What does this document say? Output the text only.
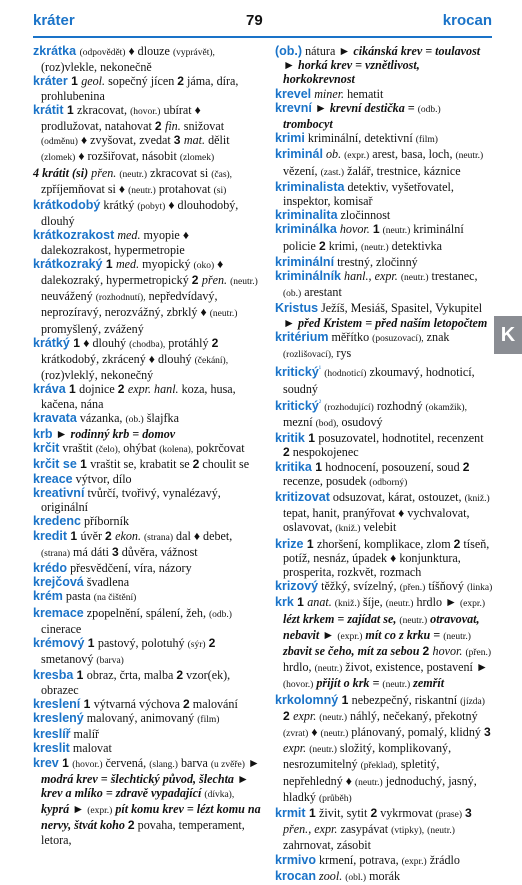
kráter	79	krocan
zkrátka (odpovědět) ♦ dlouze (vyprávět), (roz)vlekle, nekonečně
kráter 1 geol. sopečný jícen 2 jáma, díra, prohlubenina
krátit 1 zkracovat, (hovor.) ubírat ♦ prodlužovat, natahovat 2 fin. snižovat (odměnu) ♦ zvyšovat, zvedat 3 mat. dělit (zlomek) ♦ rozšiřovat, násobit (zlomek)
4 krátit (si) přen. (neutr.) zkracovat si (čas), zpříjemňovat si ♦ (neutr.) protahovat (si)
krátkodobý krátký (pobyt) ♦ dlouhodobý, dlouhý
krátkozrakost med. myopie ♦ dalekozrakost, hypermetropie
krátkozraký 1 med. myopický (oko) ♦ dalekozraký, hypermetropický 2 přen. (neutr.) neuvážený (rozhodnutí), nepředvídavý, neprozíravý, nerozvážný, zbrklý ♦ (neutr.) promyšlený, zvážený
krátký 1 ♦ dlouhý (chodba), protáhlý 2 krátkodobý, zkrácený ♦ dlouhý (čekání), (roz)vleklý, nekonečný
kráva 1 dojnice 2 expr. hanl. koza, husa, kačena, nána
kravata vázanka, (ob.) šlajfka
krb ► rodinný krb = domov
krčit vraštit (čelo), ohýbat (kolena), pokrčovat
krčit se 1 vraštit se, krabatit se 2 choulit se
kreace výtvor, dílo
kreativní tvůrčí, tvořivý, vynalézavý, originální
kredenc příborník
kredit 1 úvěr 2 ekon. (strana) dal ♦ debet, (strana) má dáti 3 důvěra, vážnost
krédo přesvědčení, víra, názory
krejčová švadlena
krém pasta (na čištění)
kremace zpopelnění, spálení, žeh, (odb.) cinerace
krémový 1 pastový, polotuhý (sýr) 2 smetanový (barva)
kresba 1 obraz, črta, malba 2 vzor(ek), obrazec
kreslení 1 výtvarná výchova 2 malování
kreslený malovaný, animovaný (film)
kreslíř malíř
kreslit malovat
krev 1 (hovor.) červená, (slang.) barva (u zvěře) ► modrá krev = šlechtický původ, šlechta ► krev a mlíko = zdravě vypadající (dívka), kyprá ► (expr.) pít komu krev = lézt komu na nervy, štvát koho 2 povaha, temperament, letora,
(ob.) nátura ► cikánská krev = toulavost ► horká krev = vznětlivost, horkokrevnost
krevel miner. hematit
krevní ► krevní destička = (odb.) trombocyt
krimi kriminální, detektivní (film)
kriminál ob. (expr.) arest, basa, loch, (neutr.) vězení, (zast.) žalář, trestnice, káznice
kriminalista detektiv, vyšetřovatel, inspektor, komisař
kriminalita zločinnost
kriminálka hovor. 1 (neutr.) kriminální policie 2 krimi, (neutr.) detektivka
kriminální trestný, zločinný
kriminálník hanl., expr. (neutr.) trestanec, (ob.) arestant
Kristus Ježíš, Mesiáš, Spasitel, Vykupitel ► před Kristem = před naším letopočtem
kritérium měřítko (posuzovací), znak (rozlišovací), rys
kritický$^{^1}$ (hodnoticí) zkoumavý, hodnoticí, soudný
kritický$^{^2}$ (rozhodující) rozhodný (okamžik), mezní (bod), osudový
kritik 1 posuzovatel, hodnotitel, recenzent 2 nespokojenec
kritika 1 hodnocení, posouzení, soud 2 recenze, posudek (odborný)
kritizovat odsuzovat, kárat, ostouzet, (kniž.) tepat, hanit, pranýřovat ♦ vychvalovat, oslavovat, (kniž.) velebit
krize 1 zhoršení, komplikace, zlom 2 tíseň, potíž, nesnáz, úpadek ♦ konjunktura, prosperita, rozkvět, rozmach
krizový těžký, svízelný, (přen.) tíšňový (linka)
krk 1 anat. (kniž.) šíje, (neutr.) hrdlo ► (expr.) lézt krkem = zajídat se, (neutr.) otravovat, nebavit ► (expr.) mít co z krku = (neutr.) zbavit se čeho, mít za sebou 2 hovor. (přen.) hrdlo, (neutr.) život, existence, postavení ► (hovor.) přijít o krk = (neutr.) zemřít
krkolomný 1 nebezpečný, riskantní (jízda) 2 expr. (neutr.) náhlý, nečekaný, překotný (zvrat) ♦ (neutr.) plánovaný, pomalý, klidný 3 expr. (neutr.) složitý, komplikovaný, nesrozumitelný (překlad), spletitý, nepřehledný ♦ (neutr.) jednoduchý, jasný, hladký (průběh)
krmit 1 živit, sytit 2 vykrmovat (prase) 3 přen., expr. zasypávat (vtipky), (neutr.) zahrnovat, zásobit
krmivo krmení, potrava, (expr.) žrádlo
krocan zool. (obl.) morák
K
